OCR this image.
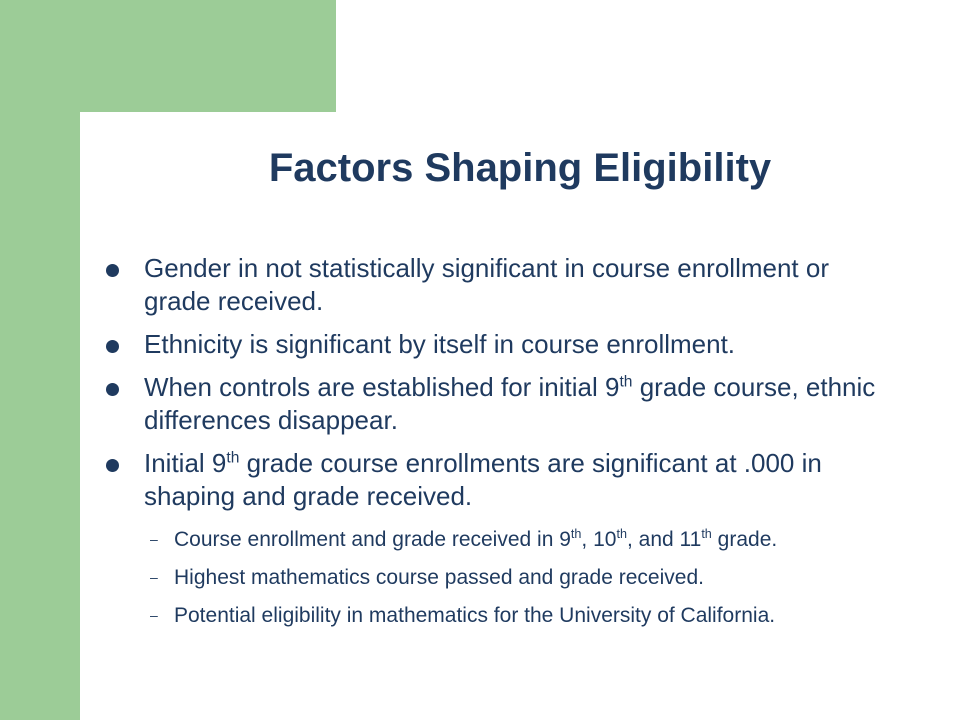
Factors Shaping Eligibility
Gender in not statistically significant in course enrollment or grade received.
Ethnicity is significant by itself in course enrollment.
When controls are established for initial 9th grade course, ethnic differences disappear.
Initial 9th grade course enrollments are significant at .000 in shaping and grade received.
– Course enrollment and grade received in 9th, 10th, and 11th grade.
– Highest mathematics course passed and grade received.
– Potential eligibility in mathematics for the University of California.
